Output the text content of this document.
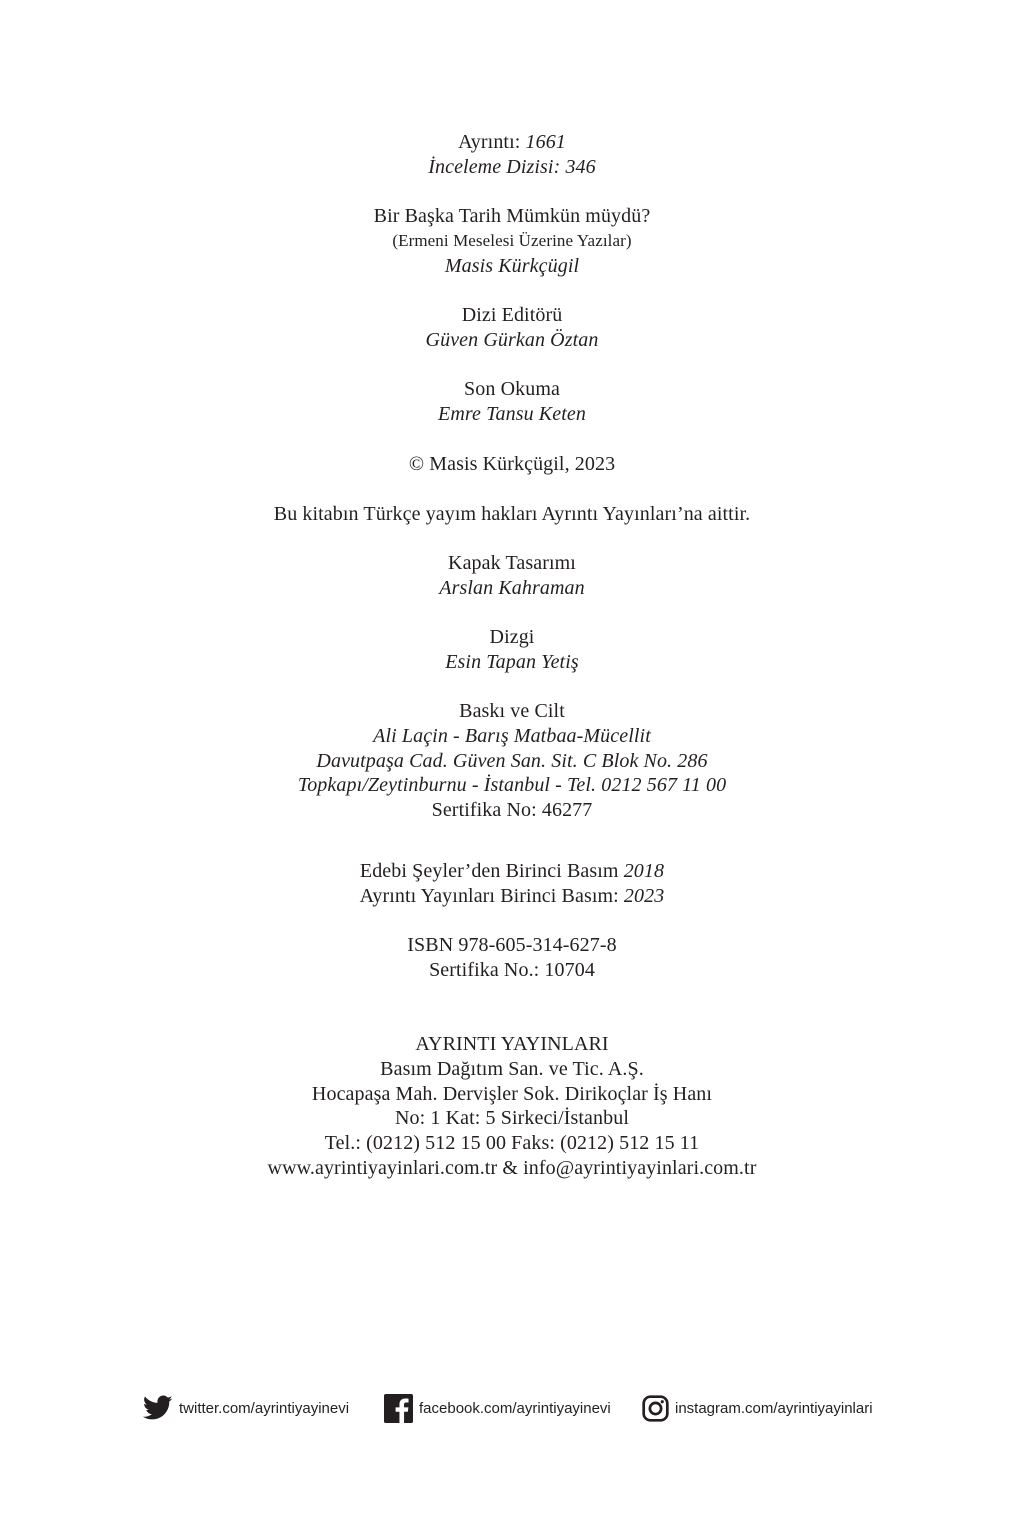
Ayrıntı: 1661
İnceleme Dizisi: 346
Bir Başka Tarih Mümkün müydü?
(Ermeni Meselesi Üzerine Yazılar)
Masis Kürkçügil
Dizi Editörü
Güven Gürkan Öztan
Son Okuma
Emre Tansu Keten
© Masis Kürkçügil, 2023
Bu kitabın Türkçe yayım hakları Ayrıntı Yayınları’na aittir.
Kapak Tasarımı
Arslan Kahraman
Dizgi
Esin Tapan Yetiş
Baskı ve Cilt
Ali Laçin - Barış Matbaa-Mücellit
Davutpaşa Cad. Güven San. Sit. C Blok No. 286
Topkapı/Zeytinburnu - İstanbul - Tel. 0212 567 11 00
Sertifika No: 46277
Edebi Şeyler’den Birinci Basım 2018
Ayrıntı Yayınları Birinci Basım: 2023
ISBN 978-605-314-627-8
Sertifika No.: 10704
AYRINTI YAYINLARI
Basım Dağıtım San. ve Tic. A.Ş.
Hocapaşa Mah. Dervişler Sok. Dirikoçlar İş Hanı
No: 1 Kat: 5 Sirkeci/İstanbul
Tel.: (0212) 512 15 00 Faks: (0212) 512 15 11
www.ayrintiyayinlari.com.tr & info@ayrintiyayinlari.com.tr
twitter.com/ayrintiyayinevi	facebook.com/ayrintiyayinevi	instagram.com/ayrintiyayinlari
